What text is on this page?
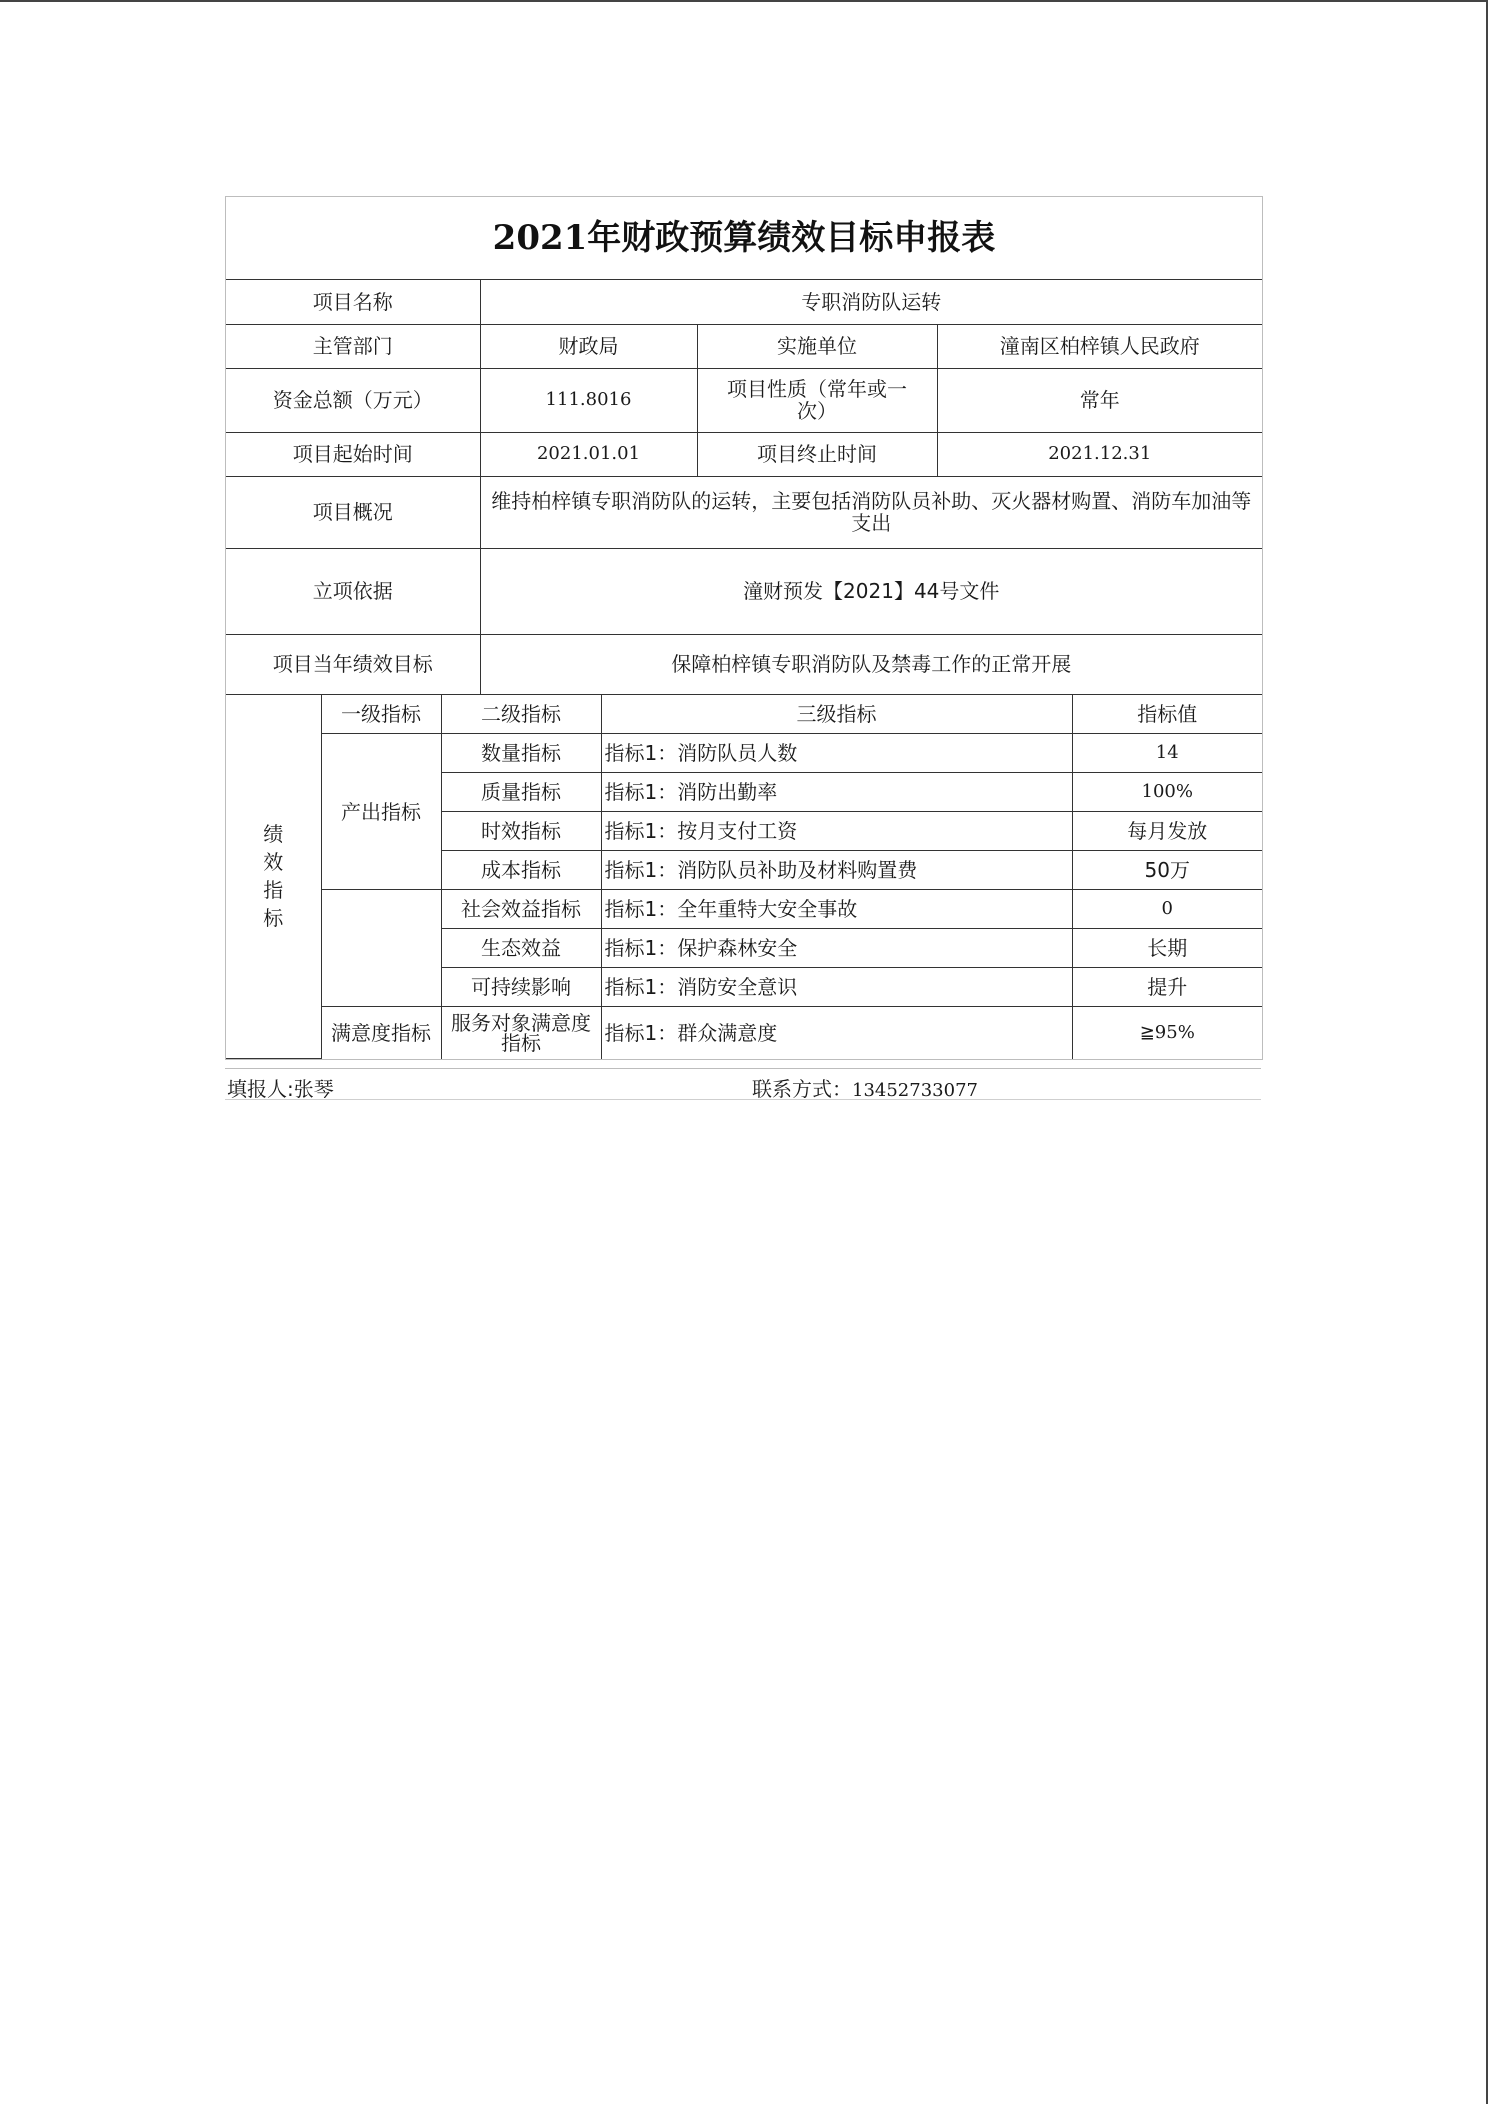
2021年财政预算绩效目标申报表
项目名称	专职消防队运转		
主管部门	财政局	实施单位	潼南区柏梓镇人民政府
资金总额（万元）	111.8016	项目性质（常年或一次）	常年
项目起始时间	2021.01.01	项目终止时间	2021.12.31
项目概况	维持柏梓镇专职消防队的运转，主要包括消防队员补助、灭火器材购置、消防车加油等支出		
立项依据	潼财预发【2021】44号文件		
项目当年绩效目标	保障柏梓镇专职消防队及禁毒工作的正常开展		
绩
效
指
标	一级指标	二级指标	三级指标	指标值
	产出指标	数量指标	指标1：消防队员人数	14
		质量指标	指标1：消防出勤率	100%
		时效指标	指标1：按月支付工资	每月发放
		成本指标	指标1：消防队员补助及材料购置费	50万
		社会效益指标	指标1：全年重特大安全事故	0
		生态效益	指标1：保护森林安全	长期
		可持续影响	指标1：消防安全意识	提升
	满意度指标	服务对象满意度指标	指标1：群众满意度	≧95%
填报人:张琴	联系方式：13452733077
